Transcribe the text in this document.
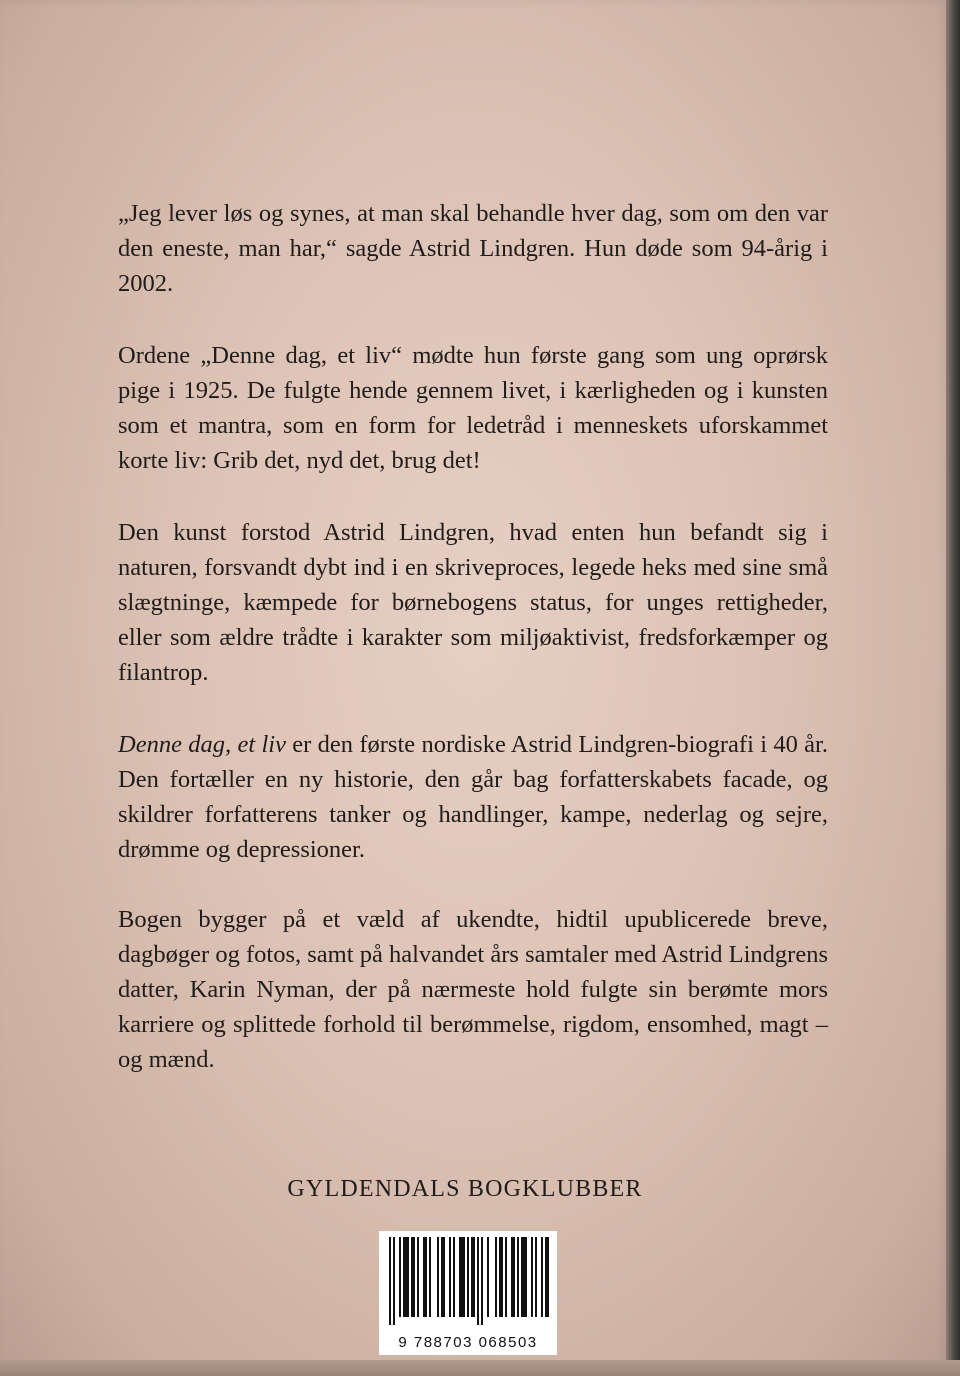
„Jeg lever løs og synes, at man skal behandle hver dag, som om den var den eneste, man har,“ sagde Astrid Lindgren. Hun døde som 94-årig i 2002.

Ordene „Denne dag, et liv“ mødte hun første gang som ung oprørsk pige i 1925. De fulgte hende gennem livet, i kærligheden og i kunsten som et mantra, som en form for ledetråd i menneskets uforskammet korte liv: Grib det, nyd det, brug det!

Den kunst forstod Astrid Lindgren, hvad enten hun befandt sig i naturen, forsvandt dybt ind i en skriveproces, legede heks med sine små slægtninge, kæmpede for børnebogens status, for unges rettigheder, eller som ældre trådte i karakter som miljøaktivist, fredsforkæmper og filantrop.

Denne dag, et liv er den første nordiske Astrid Lindgren-biografi i 40 år. Den fortæller en ny historie, den går bag forfatterskabets facade, og skildrer forfatterens tanker og handlinger, kampe, nederlag og sejre, drømme og depressioner.

Bogen bygger på et væld af ukendte, hidtil upublicerede breve, dagbøger og fotos, samt på halvandet års samtaler med Astrid Lindgrens datter, Karin Nyman, der på nærmeste hold fulgte sin berømte mors karriere og splittede forhold til berømmelse, rigdom, ensomhed, magt – og mænd.

GYLDENDALS BOGKLUBBER
9 788703 068503
